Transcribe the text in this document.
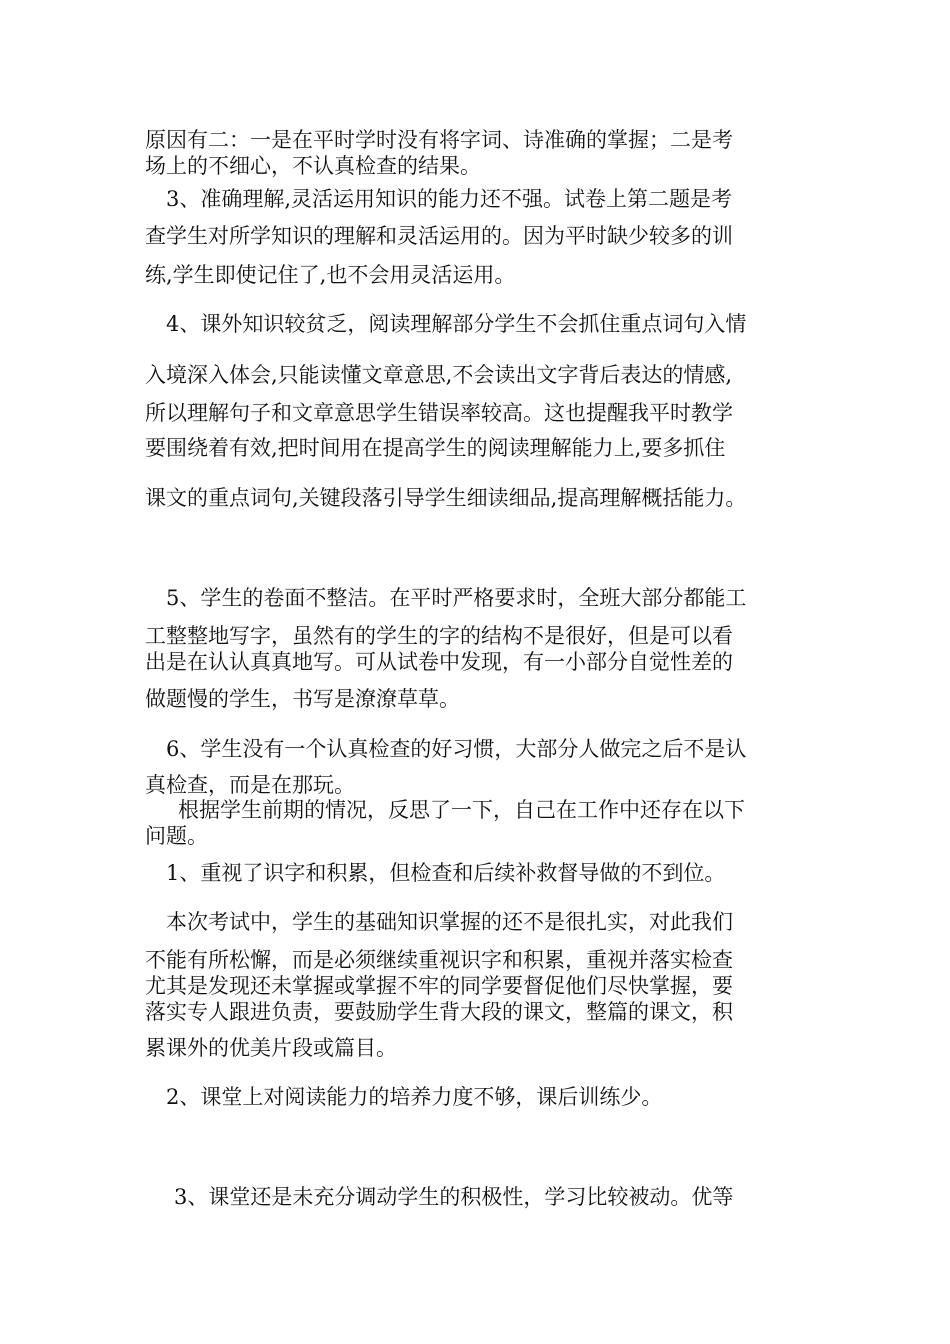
原因有二：一是在平时学时没有将字词、诗准确的掌握；二是考
场上的不细心，不认真检查的结果。
3、准确理解,灵活运用知识的能力还不强。试卷上第二题是考
查学生对所学知识的理解和灵活运用的。因为平时缺少较多的训
练,学生即使记住了,也不会用灵活运用。
4、课外知识较贫乏，阅读理解部分学生不会抓住重点词句入情
入境深入体会,只能读懂文章意思,不会读出文字背后表达的情感,
所以理解句子和文章意思学生错误率较高。这也提醒我平时教学
要围绕着有效,把时间用在提高学生的阅读理解能力上,要多抓住
课文的重点词句,关键段落引导学生细读细品,提高理解概括能力。
5、学生的卷面不整洁。在平时严格要求时，全班大部分都能工
工整整地写字，虽然有的学生的字的结构不是很好，但是可以看
出是在认认真真地写。可从试卷中发现，有一小部分自觉性差的
做题慢的学生，书写是潦潦草草。
6、学生没有一个认真检查的好习惯，大部分人做完之后不是认
真检查，而是在那玩。
根据学生前期的情况，反思了一下，自己在工作中还存在以下
问题。
1、重视了识字和积累，但检查和后续补救督导做的不到位。
本次考试中，学生的基础知识掌握的还不是很扎实，对此我们
不能有所松懈，而是必须继续重视识字和积累，重视并落实检查
尤其是发现还未掌握或掌握不牢的同学要督促他们尽快掌握，要
落实专人跟进负责，要鼓励学生背大段的课文，整篇的课文，积
累课外的优美片段或篇目。
2、课堂上对阅读能力的培养力度不够，课后训练少。
3、课堂还是未充分调动学生的积极性，学习比较被动。优等
